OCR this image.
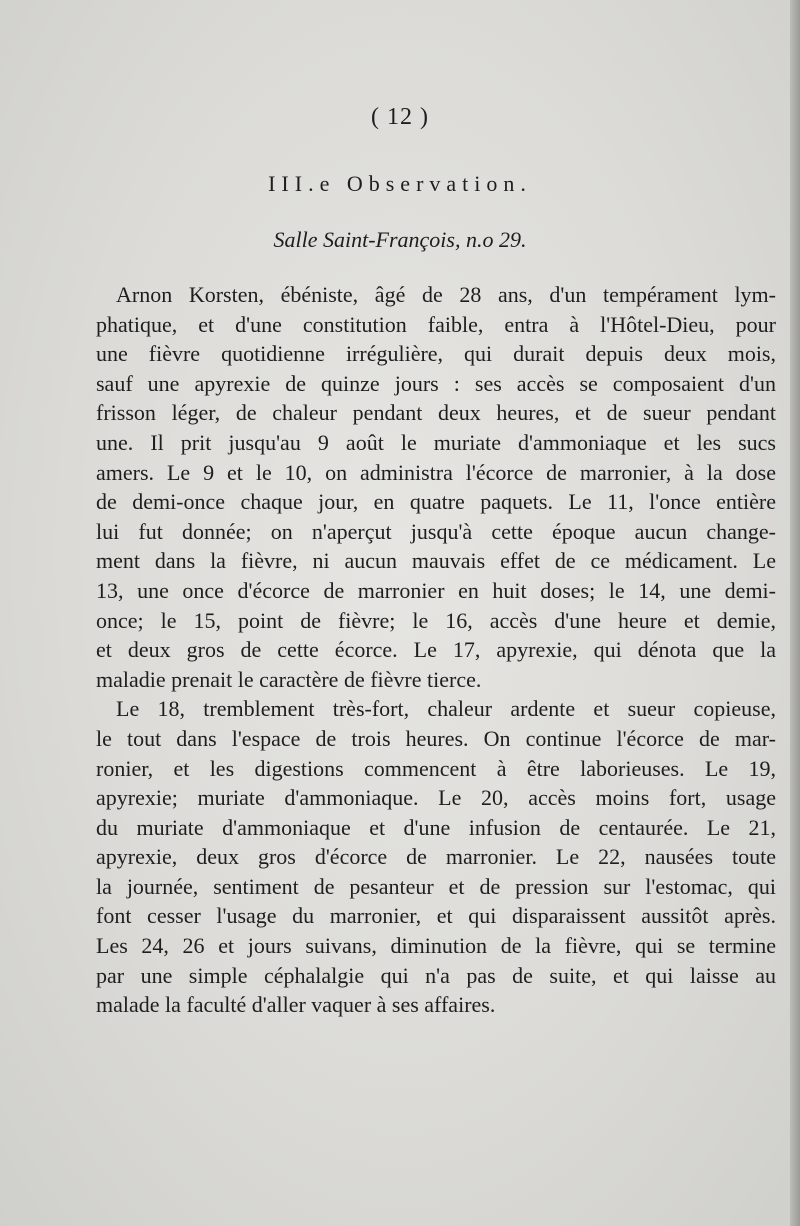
( 12 )
III.e Observation.
Salle Saint-François, n.o 29.

Arnon Korsten, ébéniste, âgé de 28 ans, d'un tempérament lym-
phatique, et d'une constitution faible, entra à l'Hôtel-Dieu, pour
une fièvre quotidienne irrégulière, qui durait depuis deux mois,
sauf une apyrexie de quinze jours : ses accès se composaient d'un
frisson léger, de chaleur pendant deux heures, et de sueur pendant
une. Il prit jusqu'au 9 août le muriate d'ammoniaque et les sucs
amers. Le 9 et le 10, on administra l'écorce de marronier, à la dose
de demi-once chaque jour, en quatre paquets. Le 11, l'once entière
lui fut donnée; on n'aperçut jusqu'à cette époque aucun change-
ment dans la fièvre, ni aucun mauvais effet de ce médicament. Le
13, une once d'écorce de marronier en huit doses; le 14, une demi-
once; le 15, point de fièvre; le 16, accès d'une heure et demie,
et deux gros de cette écorce. Le 17, apyrexie, qui dénota que la
maladie prenait le caractère de fièvre tierce.

Le 18, tremblement très-fort, chaleur ardente et sueur copieuse,
le tout dans l'espace de trois heures. On continue l'écorce de mar-
ronier, et les digestions commencent à être laborieuses. Le 19,
apyrexie; muriate d'ammoniaque. Le 20, accès moins fort, usage
du muriate d'ammoniaque et d'une infusion de centaurée. Le 21,
apyrexie, deux gros d'écorce de marronier. Le 22, nausées toute
la journée, sentiment de pesanteur et de pression sur l'estomac, qui
font cesser l'usage du marronier, et qui disparaissent aussitôt après.
Les 24, 26 et jours suivans, diminution de la fièvre, qui se termine
par une simple céphalalgie qui n'a pas de suite, et qui laisse au
malade la faculté d'aller vaquer à ses affaires.
